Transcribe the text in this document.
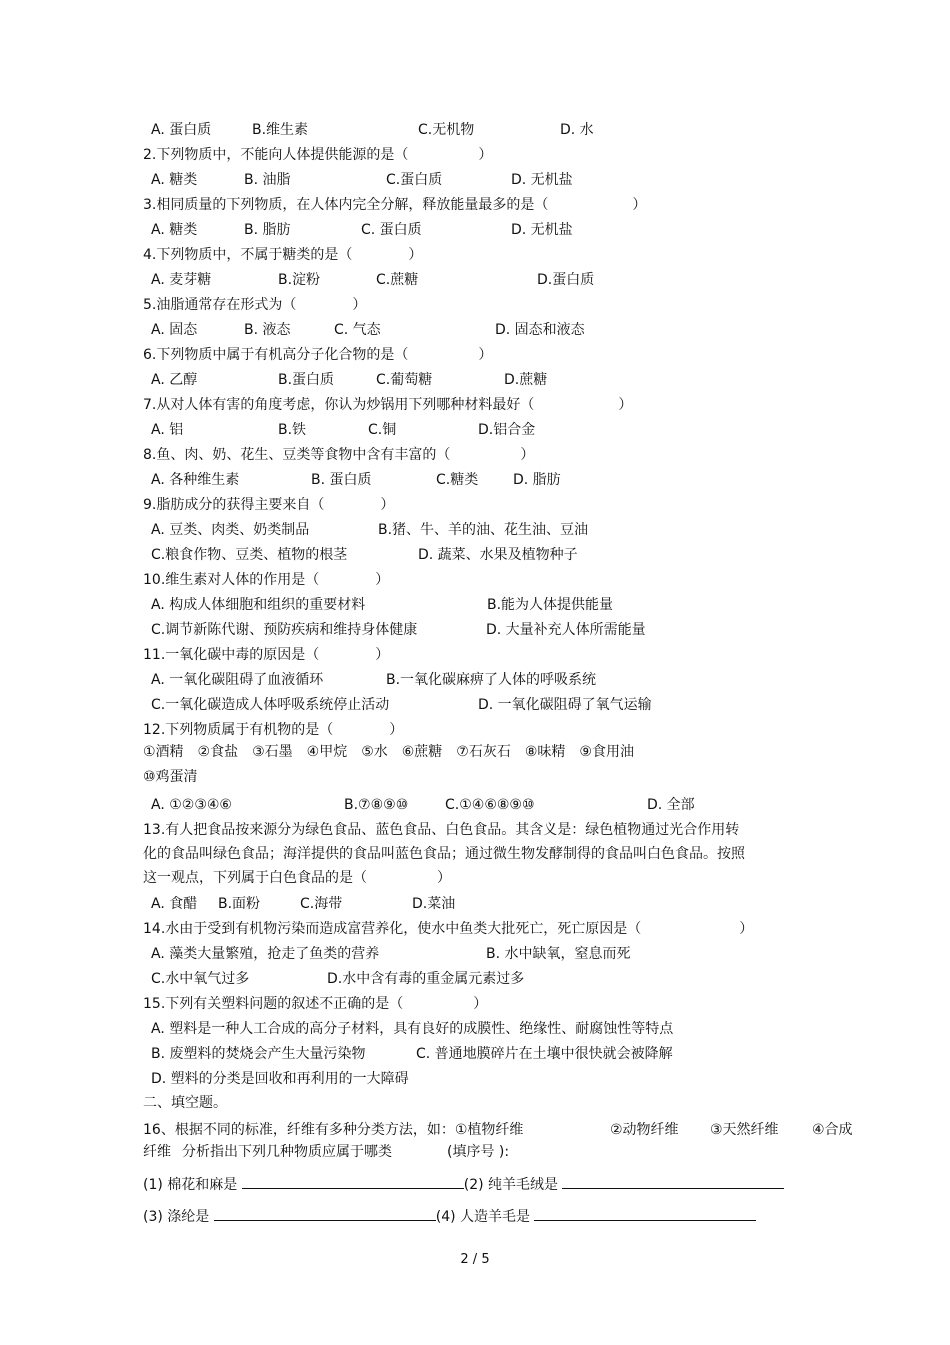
A. 蛋白质	B.维生素	C.无机物	D. 水
2.下列物质中，不能向人体提供能源的是（　　　　　）
A. 糖类	B. 油脂	C.蛋白质	D. 无机盐
3.相同质量的下列物质，在人体内完全分解，释放能量最多的是（　　　　　　）
A. 糖类	B. 脂肪	C. 蛋白质	D. 无机盐
4.下列物质中，不属于糖类的是（　　　　）
A. 麦芽糖	B.淀粉	C.蔗糖	D.蛋白质
5.油脂通常存在形式为（　　　　）
A. 固态	B. 液态	C. 气态	D. 固态和液态
6.下列物质中属于有机高分子化合物的是（　　　　　）
A. 乙醇	B.蛋白质	C.葡萄糖	D.蔗糖
7.从对人体有害的角度考虑，你认为炒锅用下列哪种材料最好（　　　　　　）
A. 铝	B.铁	C.铜	D.铝合金
8.鱼、肉、奶、花生、豆类等食物中含有丰富的（　　　　　）
A. 各种维生素	B. 蛋白质	C.糖类 D. 脂肪
9.脂肪成分的获得主要来自（　　　　）
A. 豆类、肉类、奶类制品	B.猪、牛、羊的油、花生油、豆油
C.粮食作物、豆类、植物的根茎	D. 蔬菜、水果及植物种子
10.维生素对人体的作用是（　　　　）
A. 构成人体细胞和组织的重要材料	B.能为人体提供能量
C.调节新陈代谢、预防疾病和维持身体健康	D. 大量补充人体所需能量
11.一氧化碳中毒的原因是（　　　　）
A. 一氧化碳阻碍了血液循环	B.一氧化碳麻痹了人体的呼吸系统
C.一氧化碳造成人体呼吸系统停止活动	D. 一氧化碳阻碍了氧气运输
12.下列物质属于有机物的是（　　　　）
①酒精　②食盐　③石墨　④甲烷　⑤水　⑥蔗糖　⑦石灰石　⑧味精　⑨食用油
⑩鸡蛋清
A. ①②③④⑥	B.⑦⑧⑨⑩	C.①④⑥⑧⑨⑩	D. 全部
13.有人把食品按来源分为绿色食品、蓝色食品、白色食品。其含义是：绿色植物通过光合作用转
化的食品叫绿色食品；海洋提供的食品叫蓝色食品；通过微生物发酵制得的食品叫白色食品。按照
这一观点，下列属于白色食品的是（　　　　　）
A. 食醋 B.面粉	C.海带	D.菜油
14.水由于受到有机物污染而造成富营养化，使水中鱼类大批死亡，死亡原因是（　　　　　　　）
A. 藻类大量繁殖，抢走了鱼类的营养	B. 水中缺氧，窒息而死
C.水中氧气过多	D.水中含有毒的重金属元素过多
15.下列有关塑料问题的叙述不正确的是（　　　　　）
A. 塑料是一种人工合成的高分子材料，具有良好的成膜性、绝缘性、耐腐蚀性等特点
B. 废塑料的焚烧会产生大量污染物	C. 普通地膜碎片在土壤中很快就会被降解
D. 塑料的分类是回收和再利用的一大障碍
二、填空题。
16、根据不同的标准，纤维有多种分类方法，如：①植物纤维	②动物纤维 ③天然纤维 ④合成
纤维 分析指出下列几种物质应属于哪类	(填序号 ):
(1) 棉花和麻是	(2) 纯羊毛绒是
(3) 涤纶是	(4) 人造羊毛是
2 / 5
